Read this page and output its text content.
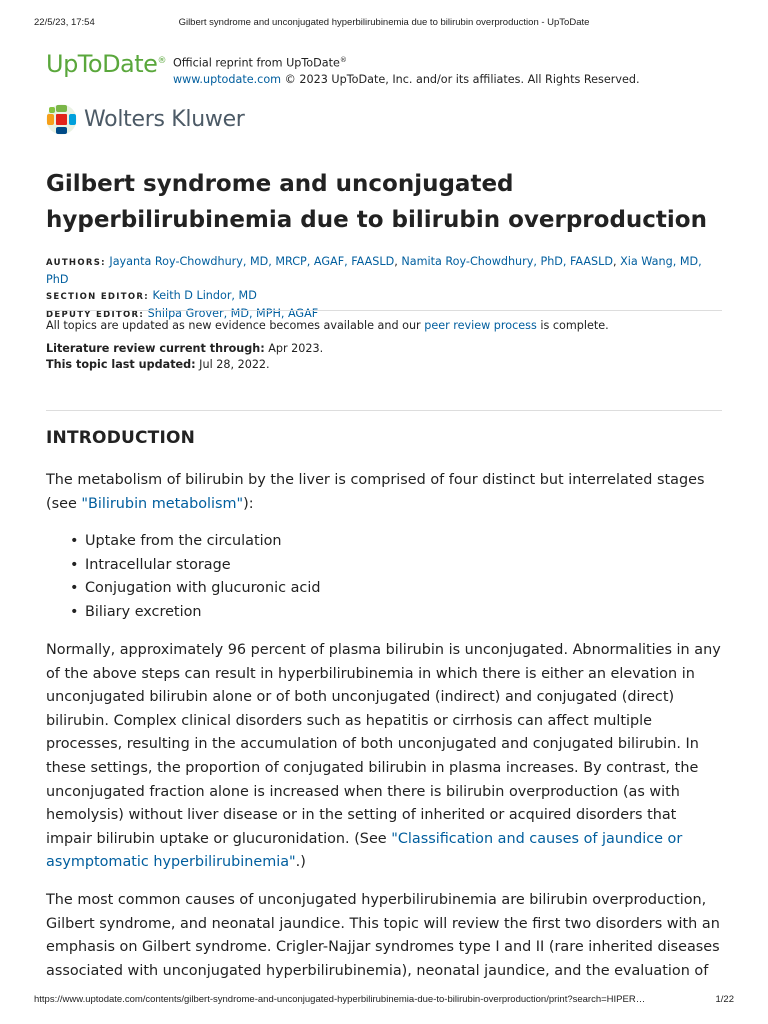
22/5/23, 17:54	Gilbert syndrome and unconjugated hyperbilirubinemia due to bilirubin overproduction - UpToDate
UpToDate® Official reprint from UpToDate®
www.uptodate.com © 2023 UpToDate, Inc. and/or its affiliates. All Rights Reserved.
Wolters Kluwer
Gilbert syndrome and unconjugated hyperbilirubinemia due to bilirubin overproduction
AUTHORS: Jayanta Roy-Chowdhury, MD, MRCP, AGAF, FAASLD, Namita Roy-Chowdhury, PhD, FAASLD, Xia Wang, MD, PhD
SECTION EDITOR: Keith D Lindor, MD
DEPUTY EDITOR: Shilpa Grover, MD, MPH, AGAF
All topics are updated as new evidence becomes available and our peer review process is complete.
Literature review current through: Apr 2023.
This topic last updated: Jul 28, 2022.
INTRODUCTION
The metabolism of bilirubin by the liver is comprised of four distinct but interrelated stages (see "Bilirubin metabolism"):
• Uptake from the circulation
• Intracellular storage
• Conjugation with glucuronic acid
• Biliary excretion
Normally, approximately 96 percent of plasma bilirubin is unconjugated. Abnormalities in any of the above steps can result in hyperbilirubinemia in which there is either an elevation in unconjugated bilirubin alone or of both unconjugated (indirect) and conjugated (direct) bilirubin. Complex clinical disorders such as hepatitis or cirrhosis can affect multiple processes, resulting in the accumulation of both unconjugated and conjugated bilirubin. In these settings, the proportion of conjugated bilirubin in plasma increases. By contrast, the unconjugated fraction alone is increased when there is bilirubin overproduction (as with hemolysis) without liver disease or in the setting of inherited or acquired disorders that impair bilirubin uptake or glucuronidation. (See "Classification and causes of jaundice or asymptomatic hyperbilirubinemia".)
The most common causes of unconjugated hyperbilirubinemia are bilirubin overproduction, Gilbert syndrome, and neonatal jaundice. This topic will review the first two disorders with an emphasis on Gilbert syndrome. Crigler-Najjar syndromes type I and II (rare inherited diseases associated with unconjugated hyperbilirubinemia), neonatal jaundice, and the evaluation of
https://www.uptodate.com/contents/gilbert-syndrome-and-unconjugated-hyperbilirubinemia-due-to-bilirubin-overproduction/print?search=HIPER…	1/22
